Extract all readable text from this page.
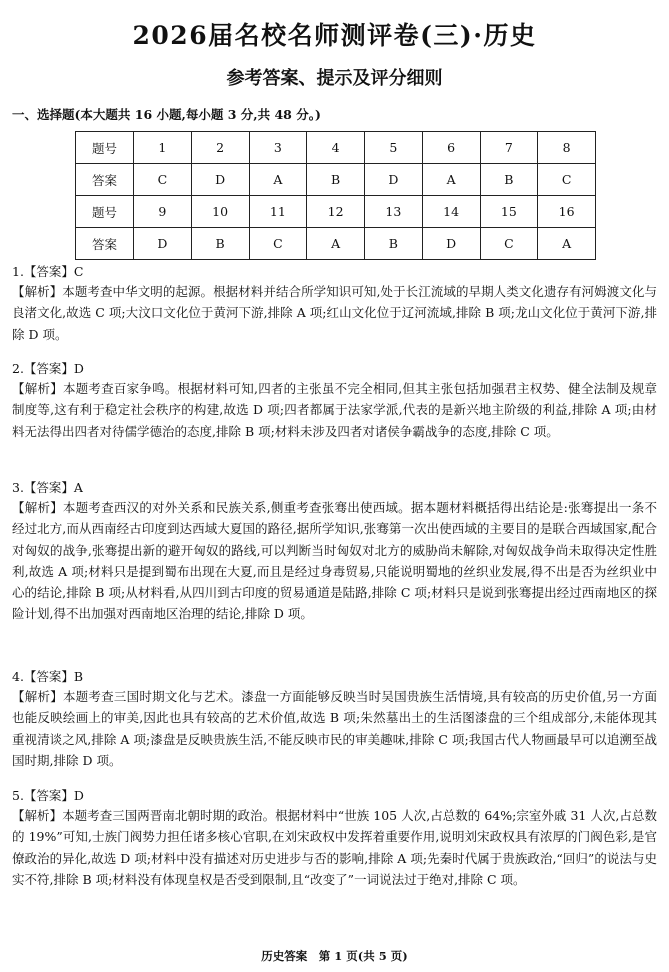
2026届名校名师测评卷(三)·历史
参考答案、提示及评分细则
一、选择题(本大题共 16 小题,每小题 3 分,共 48 分。)
题号	1	2	3	4	5	6	7	8
答案	C	D	A	B	D	A	B	C
题号	9	10	11	12	13	14	15	16
答案	D	B	C	A	B	D	C	A
1.【答案】C
【解析】本题考查中华文明的起源。根据材料并结合所学知识可知,处于长江流域的早期人类文化遗存有河姆渡文化与良渚文化,故选 C 项;大汶口文化位于黄河下游,排除 A 项;红山文化位于辽河流域,排除 B 项;龙山文化位于黄河下游,排除 D 项。
2.【答案】D
【解析】本题考查百家争鸣。根据材料可知,四者的主张虽不完全相同,但其主张包括加强君主权势、健全法制及规章制度等,这有利于稳定社会秩序的构建,故选 D 项;四者都属于法家学派,代表的是新兴地主阶级的利益,排除 A 项;由材料无法得出四者对待儒学德治的态度,排除 B 项;材料未涉及四者对诸侯争霸战争的态度,排除 C 项。
3.【答案】A
【解析】本题考查西汉的对外关系和民族关系,侧重考查张骞出使西域。据本题材料概括得出结论是:张骞提出一条不经过北方,而从西南经古印度到达西域大夏国的路径,据所学知识,张骞第一次出使西域的主要目的是联合西域国家,配合对匈奴的战争,张骞提出新的避开匈奴的路线,可以判断当时匈奴对北方的威胁尚未解除,对匈奴战争尚未取得决定性胜利,故选 A 项;材料只是提到蜀布出现在大夏,而且是经过身毒贸易,只能说明蜀地的丝织业发展,得不出是否为丝织业中心的结论,排除 B 项;从材料看,从四川到古印度的贸易通道是陆路,排除 C 项;材料只是说到张骞提出经过西南地区的探险计划,得不出加强对西南地区治理的结论,排除 D 项。
4.【答案】B
【解析】本题考查三国时期文化与艺术。漆盘一方面能够反映当时吴国贵族生活情境,具有较高的历史价值,另一方面也能反映绘画上的审美,因此也具有较高的艺术价值,故选 B 项;朱然墓出土的生活图漆盘的三个组成部分,未能体现其重视清谈之风,排除 A 项;漆盘是反映贵族生活,不能反映市民的审美趣味,排除 C 项;我国古代人物画最早可以追溯至战国时期,排除 D 项。
5.【答案】D
【解析】本题考查三国两晋南北朝时期的政治。根据材料中“世族 105 人次,占总数的 64%;宗室外戚 31 人次,占总数的 19%”可知,士族门阀势力担任诸多核心官职,在刘宋政权中发挥着重要作用,说明刘宋政权具有浓厚的门阀色彩,是官僚政治的异化,故选 D 项;材料中没有描述对历史进步与否的影响,排除 A 项;先秦时代属于贵族政治,“回归”的说法与史实不符,排除 B 项;材料没有体现皇权是否受到限制,且“改变了”一词说法过于绝对,排除 C 项。
历史答案　第 1 页(共 5 页)
